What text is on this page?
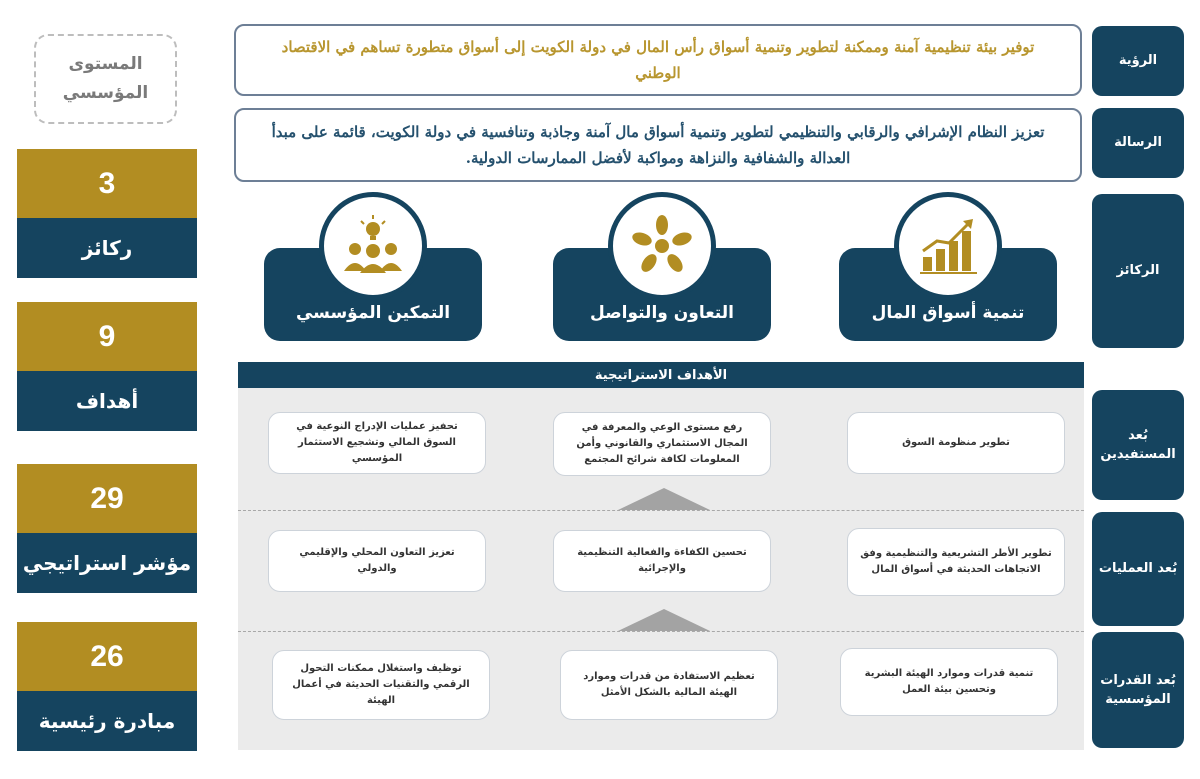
الرؤية
الرسالة
الركائز
بُعد المستفيدين
بُعد العمليات
بُعد القدرات المؤسسية
توفير بيئة تنظيمية آمنة وممكنة لتطوير وتنمية أسواق رأس المال في دولة الكويت إلى أسواق متطورة تساهم في الاقتصاد الوطني
تعزيز النظام الإشرافي والرقابي والتنظيمي لتطوير وتنمية أسواق مال آمنة وجاذبة وتنافسية في دولة الكويت، قائمة على مبدأ العدالة والشفافية والنزاهة ومواكبة لأفضل الممارسات الدولية.
المستوى المؤسسي
3
ركائز
9
أهداف
29
مؤشر استراتيجي
26
مبادرة رئيسية
تنمية أسواق المال
التعاون والتواصل
التمكين المؤسسي
الأهداف الاستراتيجية
تطوير منظومة السوق
رفع مستوى الوعي والمعرفة في المجال الاستثماري والقانوني وأمن المعلومات لكافة شرائح المجتمع
تحفيز عمليات الإدراج النوعية في السوق المالي وتشجيع الاستثمار المؤسسي
تطوير الأطر التشريعية والتنظيمية وفق الاتجاهات الحديثة في أسواق المال
تحسين الكفاءة والفعالية التنظيمية والإجرائية
تعزيز التعاون المحلي والإقليمي والدولي
تنمية قدرات وموارد الهيئة البشرية وتحسين بيئة العمل
تعظيم الاستفادة من قدرات وموارد الهيئة المالية بالشكل الأمثل
توظيف واستغلال ممكنات التحول الرقمي والتقنيات الحديثة في أعمال الهيئة
